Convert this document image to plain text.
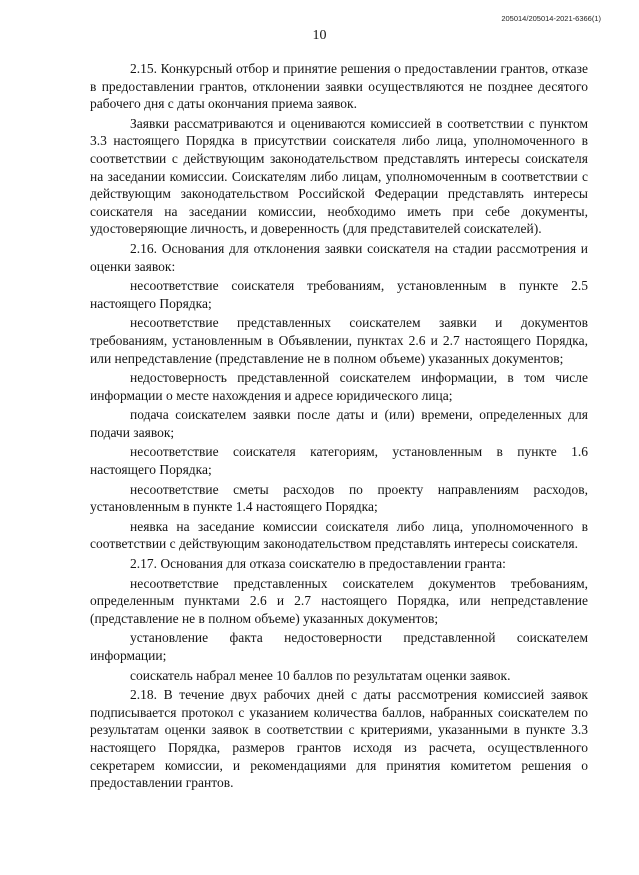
205014/205014-2021-6366(1)
10

2.15. Конкурсный отбор и принятие решения о предоставлении грантов, отказе в предоставлении грантов, отклонении заявки осуществляются не позднее десятого рабочего дня с даты окончания приема заявок.

Заявки рассматриваются и оцениваются комиссией в соответствии с пунктом 3.3 настоящего Порядка в присутствии соискателя либо лица, уполномоченного в соответствии с действующим законодательством представлять интересы соискателя на заседании комиссии. Соискателям либо лицам, уполномоченным в соответствии с действующим законодательством Российской Федерации представлять интересы соискателя на заседании комиссии, необходимо иметь при себе документы, удостоверяющие личность, и доверенность (для представителей соискателей).

2.16. Основания для отклонения заявки соискателя на стадии рассмотрения и оценки заявок:

несоответствие соискателя требованиям, установленным в пункте 2.5 настоящего Порядка;

несоответствие представленных соискателем заявки и документов требованиям, установленным в Объявлении, пунктах 2.6 и 2.7 настоящего Порядка, или непредставление (представление не в полном объеме) указанных документов;

недостоверность представленной соискателем информации, в том числе информации о месте нахождения и адресе юридического лица;

подача соискателем заявки после даты и (или) времени, определенных для подачи заявок;

несоответствие соискателя категориям, установленным в пункте 1.6 настоящего Порядка;

несоответствие сметы расходов по проекту направлениям расходов, установленным в пункте 1.4 настоящего Порядка;

неявка на заседание комиссии соискателя либо лица, уполномоченного в соответствии с действующим законодательством представлять интересы соискателя.

2.17. Основания для отказа соискателю в предоставлении гранта:

несоответствие представленных соискателем документов требованиям, определенным пунктами 2.6 и 2.7 настоящего Порядка, или непредставление (представление не в полном объеме) указанных документов;

установление факта недостоверности представленной соискателем информации;

соискатель набрал менее 10 баллов по результатам оценки заявок.

2.18. В течение двух рабочих дней с даты рассмотрения комиссией заявок подписывается протокол с указанием количества баллов, набранных соискателем по результатам оценки заявок в соответствии с критериями, указанными в пункте 3.3 настоящего Порядка, размеров грантов исходя из расчета, осуществленного секретарем комиссии, и рекомендациями для принятия комитетом решения о предоставлении грантов.
